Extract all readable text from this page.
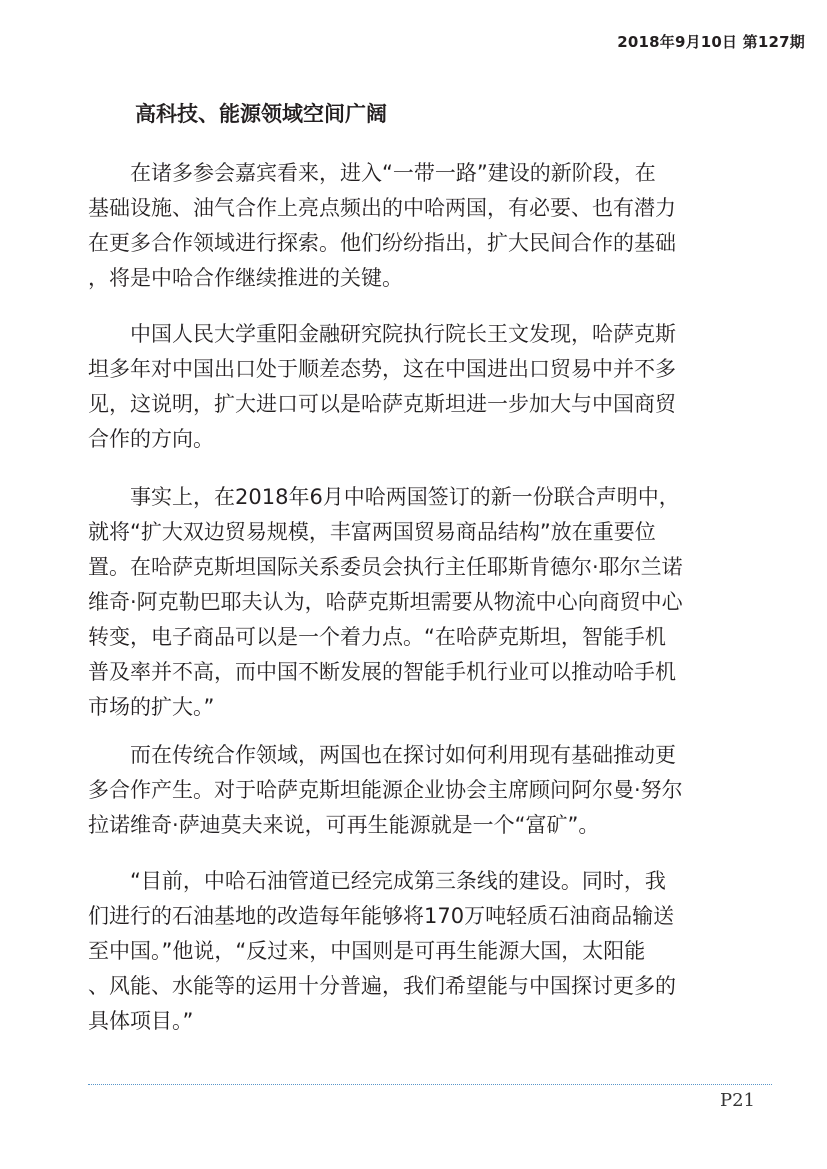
2018年9月10日 第127期
高科技、能源领域空间广阔
　　在诸多参会嘉宾看来，进入“一带一路”建设的新阶段，在
基础设施、油气合作上亮点频出的中哈两国，有必要、也有潜力
在更多合作领域进行探索。他们纷纷指出，扩大民间合作的基础
，将是中哈合作继续推进的关键。
　　中国人民大学重阳金融研究院执行院长王文发现，哈萨克斯
坦多年对中国出口处于顺差态势，这在中国进出口贸易中并不多
见，这说明，扩大进口可以是哈萨克斯坦进一步加大与中国商贸
合作的方向。
　　事实上，在2018年6月中哈两国签订的新一份联合声明中，
就将“扩大双边贸易规模，丰富两国贸易商品结构”放在重要位
置。在哈萨克斯坦国际关系委员会执行主任耶斯肯德尔·耶尔兰诺
维奇·阿克勒巴耶夫认为，哈萨克斯坦需要从物流中心向商贸中心
转变，电子商品可以是一个着力点。“在哈萨克斯坦，智能手机
普及率并不高，而中国不断发展的智能手机行业可以推动哈手机
市场的扩大。”
　　而在传统合作领域，两国也在探讨如何利用现有基础推动更
多合作产生。对于哈萨克斯坦能源企业协会主席顾问阿尔曼·努尔
拉诺维奇·萨迪莫夫来说，可再生能源就是一个“富矿”。
　　“目前，中哈石油管道已经完成第三条线的建设。同时，我
们进行的石油基地的改造每年能够将170万吨轻质石油商品输送
至中国。”他说，“反过来，中国则是可再生能源大国，太阳能
、风能、水能等的运用十分普遍，我们希望能与中国探讨更多的
具体项目。”
P21
